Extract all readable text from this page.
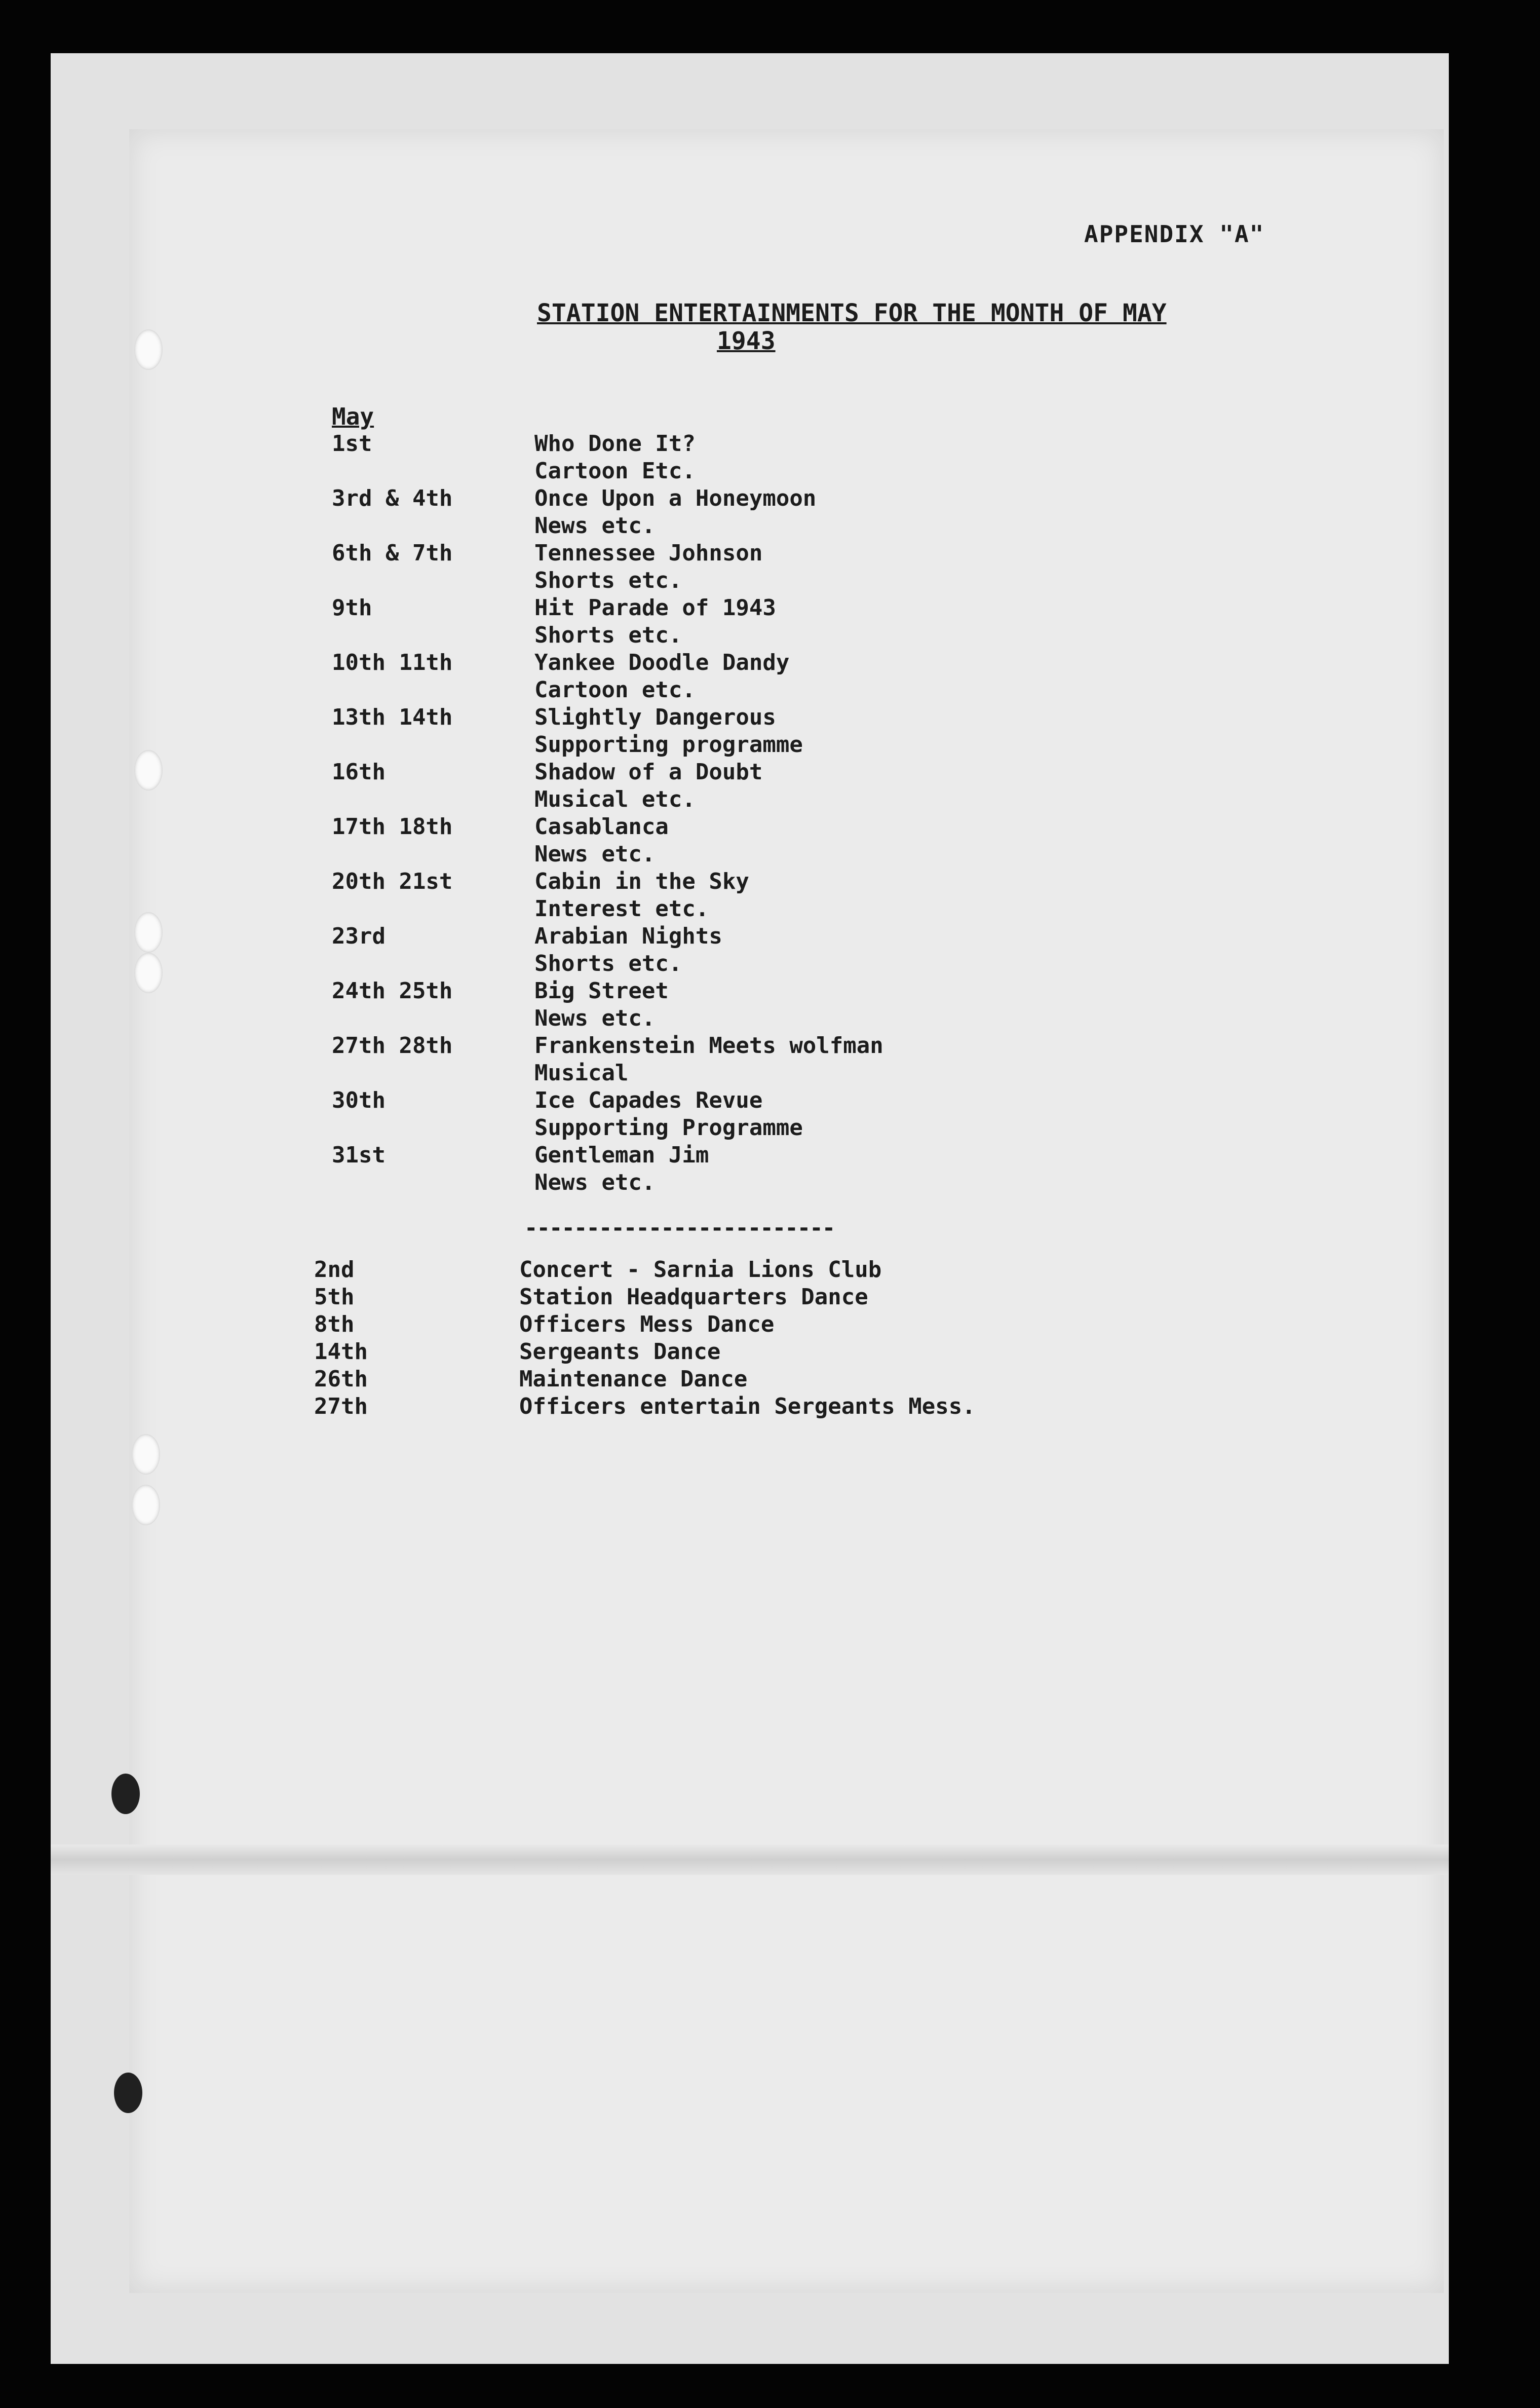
APPENDIX "A"
STATION ENTERTAINMENTS FOR THE MONTH OF MAY
1943
May
1st	Who Done It?
Cartoon Etc.
3rd & 4th	Once Upon a Honeymoon
News etc.
6th & 7th	Tennessee Johnson
Shorts etc.
9th	Hit Parade of 1943
Shorts etc.
10th 11th	Yankee Doodle Dandy
Cartoon etc.
13th 14th	Slightly Dangerous
Supporting programme
16th	Shadow of a Doubt
Musical etc.
17th 18th	Casablanca
News etc.
20th 21st	Cabin in the Sky
Interest etc.
23rd	Arabian Nights
Shorts etc.
24th 25th	Big Street
News etc.
27th 28th	Frankenstein Meets wolfman
Musical
30th	Ice Capades Revue
Supporting Programme
31st	Gentleman Jim
News etc.
-------------------------
2nd	Concert - Sarnia Lions Club
5th	Station Headquarters Dance
8th	Officers Mess Dance
14th	Sergeants Dance
26th	Maintenance Dance
27th	Officers entertain Sergeants Mess.
